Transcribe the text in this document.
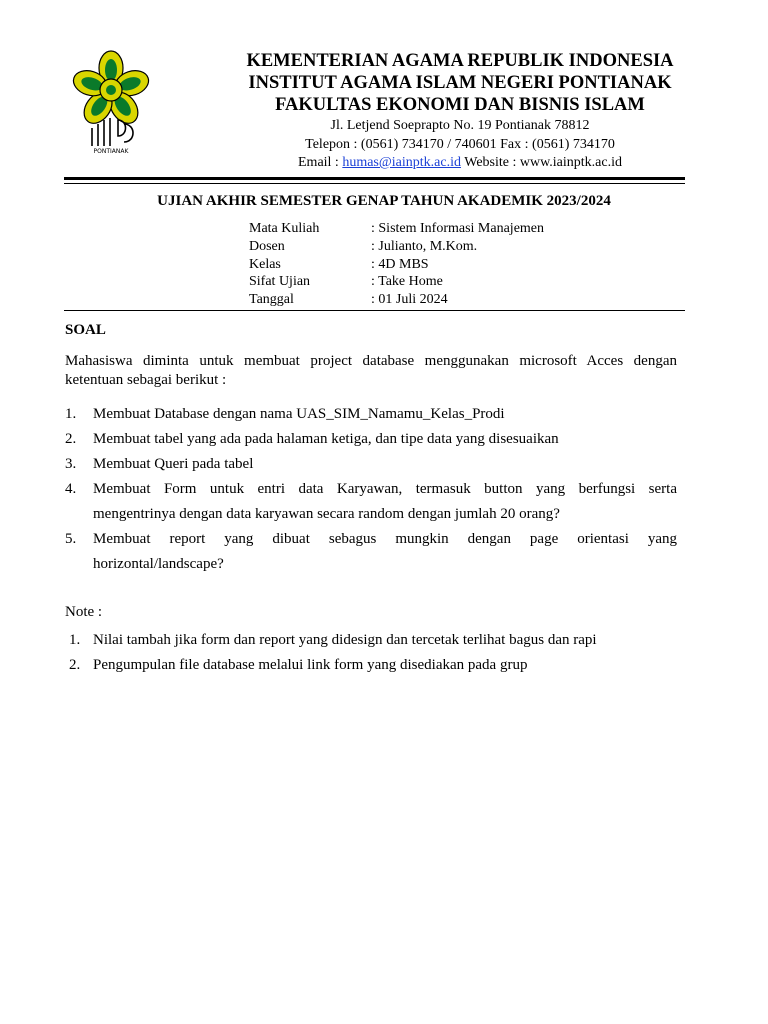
PONTIANAK
KEMENTERIAN AGAMA REPUBLIK INDONESIA
INSTITUT AGAMA ISLAM NEGERI PONTIANAK
FAKULTAS EKONOMI DAN BISNIS ISLAM
Jl. Letjend Soeprapto No. 19 Pontianak 78812
Telepon : (0561) 734170 / 740601 Fax : (0561) 734170
Email : humas@iainptk.ac.id Website : www.iainptk.ac.id
UJIAN AKHIR SEMESTER GENAP TAHUN AKADEMIK 2023/2024
Mata Kuliah	: Sistem Informasi Manajemen
Dosen	: Julianto, M.Kom.
Kelas	: 4D MBS
Sifat Ujian	: Take Home
Tanggal	: 01 Juli 2024
SOAL
Mahasiswa diminta untuk membuat project database menggunakan microsoft Acces dengan
ketentuan sebagai berikut :
1. Membuat Database dengan nama UAS_SIM_Namamu_Kelas_Prodi
2. Membuat tabel yang ada pada halaman ketiga, dan tipe data yang disesuaikan
3. Membuat Queri pada tabel
4. Membuat Form untuk entri data Karyawan, termasuk button yang berfungsi serta
mengentrinya dengan data karyawan secara random dengan jumlah 20 orang?
5. Membuat report yang dibuat sebagus mungkin dengan page orientasi yang
horizontal/landscape?
Note :
1. Nilai tambah jika form dan report yang didesign dan tercetak terlihat bagus dan rapi
2. Pengumpulan file database melalui link form yang disediakan pada grup
